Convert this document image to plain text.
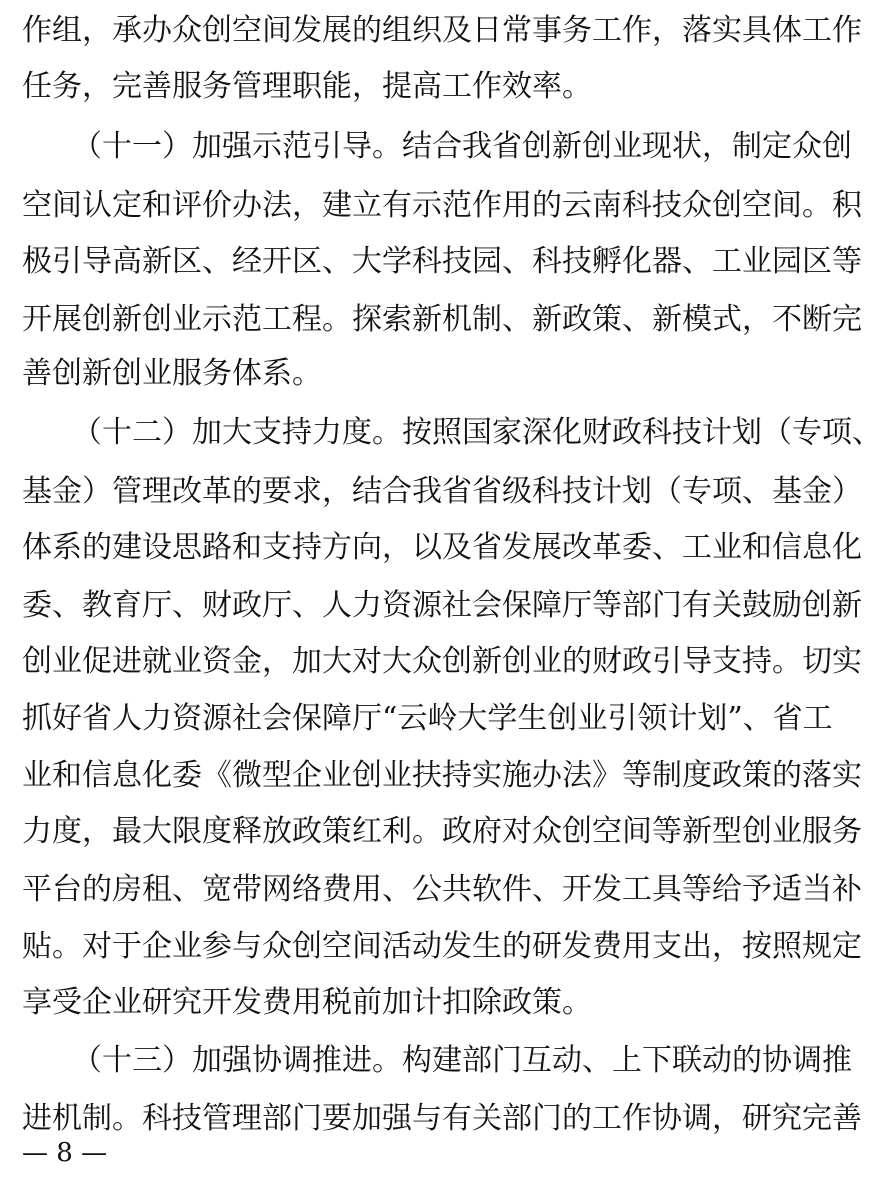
作组，承办众创空间发展的组织及日常事务工作，落实具体工作
任务，完善服务管理职能，提高工作效率。
（十一）加强示范引导。结合我省创新创业现状，制定众创
空间认定和评价办法，建立有示范作用的云南科技众创空间。积
极引导高新区、经开区、大学科技园、科技孵化器、工业园区等
开展创新创业示范工程。探索新机制、新政策、新模式，不断完
善创新创业服务体系。
（十二）加大支持力度。按照国家深化财政科技计划（专项、
基金）管理改革的要求，结合我省省级科技计划（专项、基金）
体系的建设思路和支持方向，以及省发展改革委、工业和信息化
委、教育厅、财政厅、人力资源社会保障厅等部门有关鼓励创新
创业促进就业资金，加大对大众创新创业的财政引导支持。切实
抓好省人力资源社会保障厅“云岭大学生创业引领计划”、省工
业和信息化委《微型企业创业扶持实施办法》等制度政策的落实
力度，最大限度释放政策红利。政府对众创空间等新型创业服务
平台的房租、宽带网络费用、公共软件、开发工具等给予适当补
贴。对于企业参与众创空间活动发生的研发费用支出，按照规定
享受企业研究开发费用税前加计扣除政策。
（十三）加强协调推进。构建部门互动、上下联动的协调推
进机制。科技管理部门要加强与有关部门的工作协调，研究完善
— 8 —
